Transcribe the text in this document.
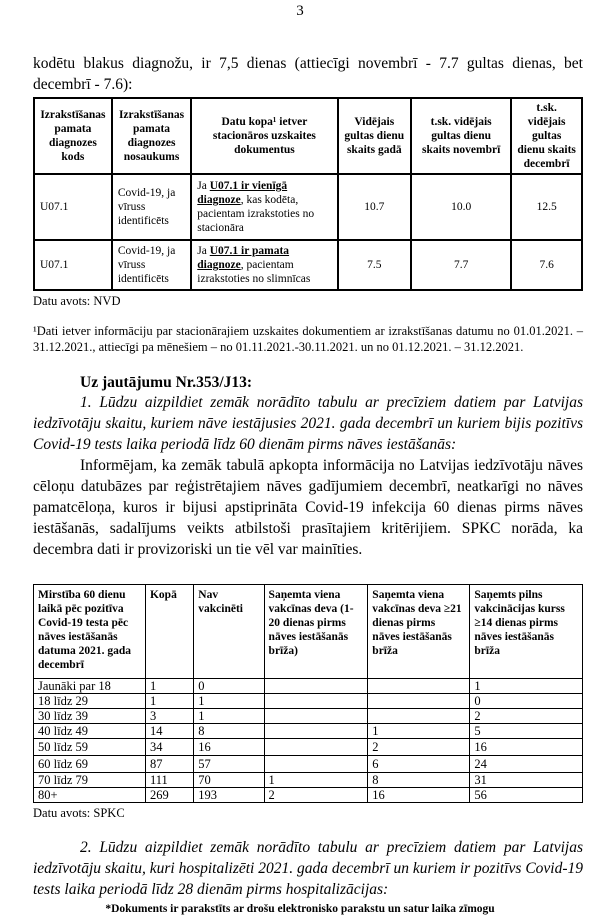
3

kodētu blakus diagnožu, ir 7,5 dienas (attiecīgi novembrī - 7.7 gultas dienas, bet decembrī - 7.6):

Izrakstīšanas pamata diagnozes kods	Izrakstīšanas pamata diagnozes nosaukums	Datu kopa¹ ietver stacionāros uzskaites dokumentus	Vidējais gultas dienu skaits gadā	t.sk. vidējais gultas dienu skaits novembrī	t.sk. vidējais gultas dienu skaits decembrī
U07.1	Covid-19, ja vīruss identificēts	Ja U07.1 ir vienīgā diagnoze, kas kodēta, pacientam izrakstoties no stacionāra	10.7	10.0	12.5
U07.1	Covid-19, ja vīruss identificēts	Ja U07.1 ir pamata diagnoze, pacientam izrakstoties no slimnīcas	7.5	7.7	7.6
Datu avots: NVD

¹Dati ietver informāciju par stacionārajiem uzskaites dokumentiem ar izrakstīšanas datumu no 01.01.2021. – 31.12.2021., attiecīgi pa mēnešiem – no 01.11.2021.-30.11.2021. un no 01.12.2021. – 31.12.2021.

Uz jautājumu Nr.353/J13:

1. Lūdzu aizpildiet zemāk norādīto tabulu ar precīziem datiem par Latvijas iedzīvotāju skaitu, kuriem nāve iestājusies 2021. gada decembrī un kuriem bijis pozitīvs Covid-19 tests laika periodā līdz 60 dienām pirms nāves iestāšanās:

Informējam, ka zemāk tabulā apkopta informācija no Latvijas iedzīvotāju nāves cēloņu datubāzes par reģistrētajiem nāves gadījumiem decembrī, neatkarīgi no nāves pamatcēloņa, kuros ir bijusi apstiprināta Covid-19 infekcija 60 dienas pirms nāves iestāšanās, sadalījums veikts atbilstoši prasītajiem kritērijiem. SPKC norāda, ka decembra dati ir provizoriski un tie vēl var mainīties.

Mirstība 60 dienu laikā pēc pozitīva Covid-19 testa pēc nāves iestāšanās datuma 2021. gada decembrī	Kopā	Nav vakcinēti	Saņemta viena vakcīnas deva (1-20 dienas pirms nāves iestāšanās brīža)	Saņemta viena vakcīnas deva ≥21 dienas pirms nāves iestāšanās brīža	Saņemts pilns vakcinācijas kurss ≥14 dienas pirms nāves iestāšanās brīža
Jaunāki par 18	1	0			1
18 līdz 29	1	1			0
30 līdz 39	3	1			2
40 līdz 49	14	8		1	5
50 līdz 59	34	16		2	16
60 līdz 69	87	57		6	24
70 līdz 79	111	70	1	8	31
80+	269	193	2	16	56
Datu avots: SPKC

2. Lūdzu aizpildiet zemāk norādīto tabulu ar precīziem datiem par Latvijas iedzīvotāju skaitu, kuri hospitalizēti 2021. gada decembrī un kuriem ir pozitīvs Covid-19 tests laika periodā līdz 28 dienām pirms hospitalizācijas:

*Dokuments ir parakstīts ar drošu elektronisko parakstu un satur laika zīmogu
